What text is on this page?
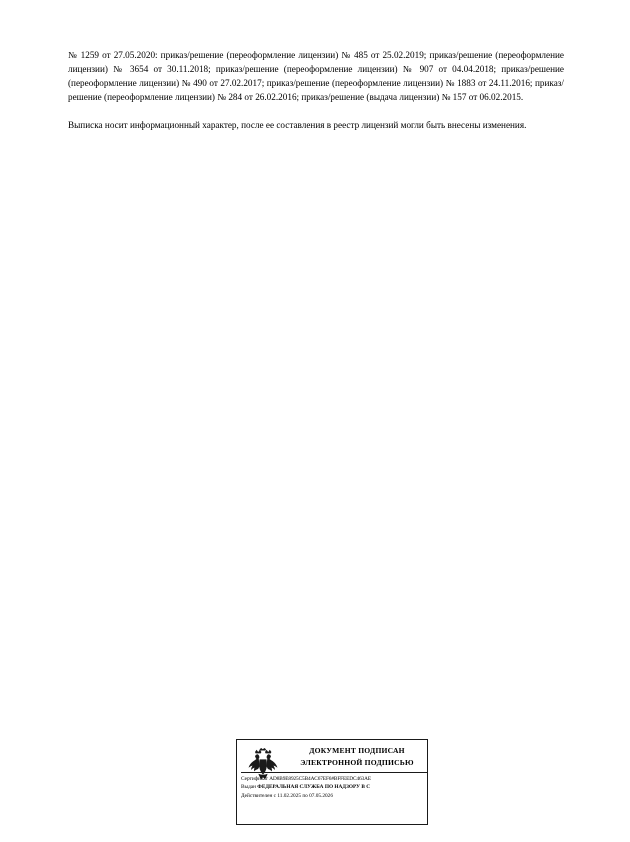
№ 1259 от 27.05.2020: приказ/решение (переоформление лицензии) № 485 от 25.02.2019; приказ/решение (переоформление лицензии) № 3654 от 30.11.2018; приказ/решение (переоформление лицензии) № 907 от 04.04.2018; приказ/решение (переоформление лицензии) № 490 от 27.02.2017; приказ/решение (переоформление лицензии) № 1883 от 24.11.2016; приказ/решение (переоформление лицензии) № 284 от 26.02.2016; приказ/решение (выдача лицензии) № 157 от 06.02.2015.

Выписка носит информационный характер, после ее составления в реестр лицензий могли быть внесены изменения.

ДОКУМЕНТ ПОДПИСАН
ЭЛЕКТРОННОЙ ПОДПИСЬЮ
Сертификат AD8B9E8925C5B4AC67EF6#BFFEEDC463AE
Выдан ФЕДЕРАЛЬНАЯ СЛУЖБА ПО НАДЗОРУ В С
Действителен с 11.02.2025 по 07.05.2026
